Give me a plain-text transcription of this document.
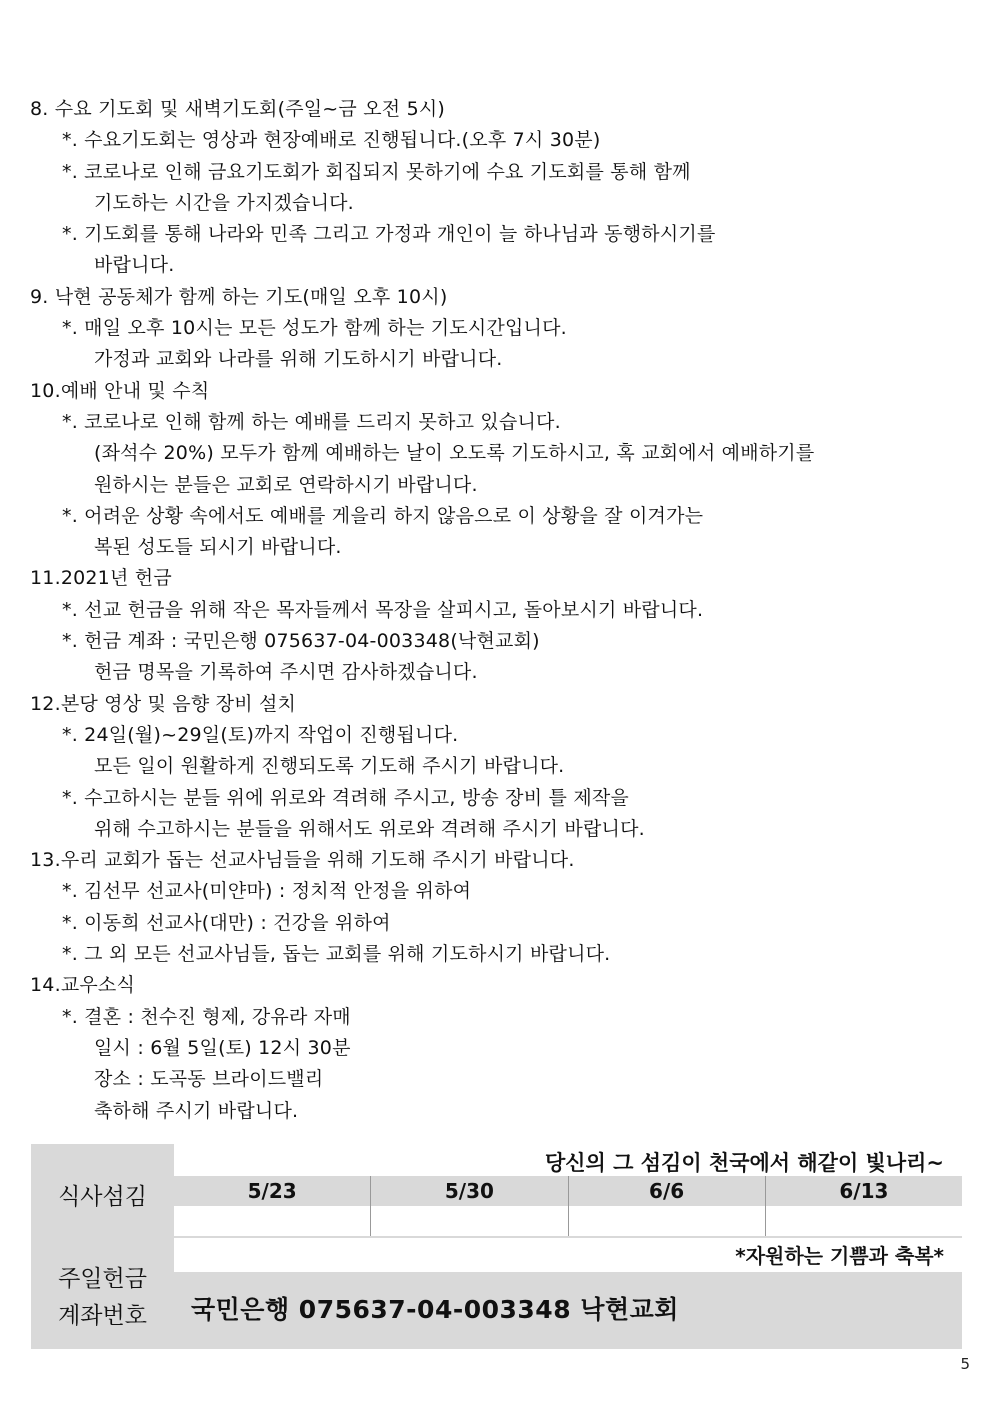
8. 수요 기도회 및 새벽기도회(주일~금 오전 5시)
*. 수요기도회는 영상과 현장예배로 진행됩니다.(오후 7시 30분)
*. 코로나로 인해 금요기도회가 회집되지 못하기에 수요 기도회를 통해 함께
기도하는 시간을 가지겠습니다.
*. 기도회를 통해 나라와 민족 그리고 가정과 개인이 늘 하나님과 동행하시기를
바랍니다.
9. 낙현 공동체가 함께 하는 기도(매일 오후 10시)
*. 매일 오후 10시는 모든 성도가 함께 하는 기도시간입니다.
가정과 교회와 나라를 위해 기도하시기 바랍니다.
10.예배 안내 및 수칙
*. 코로나로 인해 함께 하는 예배를 드리지 못하고 있습니다.
(좌석수 20%) 모두가 함께 예배하는 날이 오도록 기도하시고, 혹 교회에서 예배하기를
원하시는 분들은 교회로 연락하시기 바랍니다.
*. 어려운 상황 속에서도 예배를 게을리 하지 않음으로 이 상황을 잘 이겨가는
복된 성도들 되시기 바랍니다.
11.2021년 헌금
*. 선교 헌금을 위해 작은 목자들께서 목장을 살피시고, 돌아보시기 바랍니다.
*. 헌금 계좌 : 국민은행 075637-04-003348(낙현교회)
헌금 명목을 기록하여 주시면 감사하겠습니다.
12.본당 영상 및 음향 장비 설치
*. 24일(월)~29일(토)까지 작업이 진행됩니다.
모든 일이 원활하게 진행되도록 기도해 주시기 바랍니다.
*. 수고하시는 분들 위에 위로와 격려해 주시고, 방송 장비 틀 제작을
위해 수고하시는 분들을 위해서도 위로와 격려해 주시기 바랍니다.
13.우리 교회가 돕는 선교사님들을 위해 기도해 주시기 바랍니다.
*. 김선무 선교사(미얀마) : 정치적 안정을 위하여
*. 이동희 선교사(대만) : 건강을 위하여
*. 그 외 모든 선교사님들, 돕는 교회를 위해 기도하시기 바랍니다.
14.교우소식
*. 결혼 : 천수진 형제, 강유라 자매
일시 : 6월 5일(토) 12시 30분
장소 : 도곡동 브라이드밸리
축하해 주시기 바랍니다.
식사섬김
주일헌금
계좌번호
당신의 그 섬김이 천국에서 해같이 빛나리~
5/23	5/30	6/6	6/13
*자원하는 기쁨과 축복*
국민은행 075637-04-003348 낙현교회
5
